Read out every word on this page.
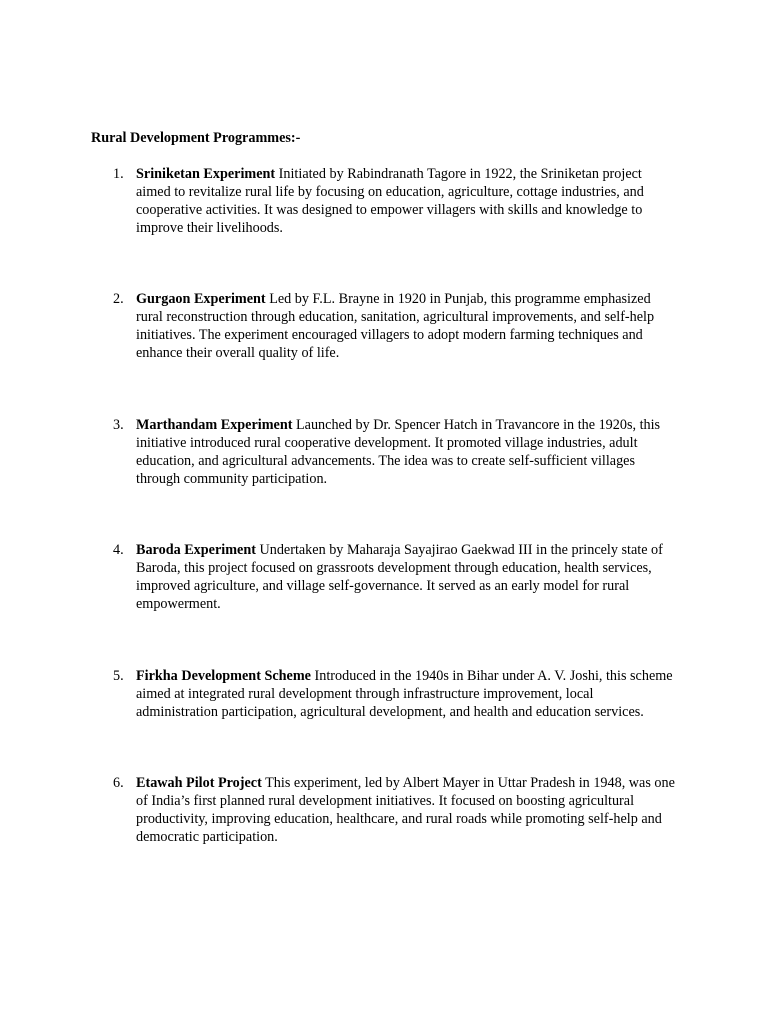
Rural Development Programmes:-
1. Sriniketan Experiment Initiated by Rabindranath Tagore in 1922, the Sriniketan project aimed to revitalize rural life by focusing on education, agriculture, cottage industries, and cooperative activities. It was designed to empower villagers with skills and knowledge to improve their livelihoods.
2. Gurgaon Experiment Led by F.L. Brayne in 1920 in Punjab, this programme emphasized rural reconstruction through education, sanitation, agricultural improvements, and self-help initiatives. The experiment encouraged villagers to adopt modern farming techniques and enhance their overall quality of life.
3. Marthandam Experiment Launched by Dr. Spencer Hatch in Travancore in the 1920s, this initiative introduced rural cooperative development. It promoted village industries, adult education, and agricultural advancements. The idea was to create self-sufficient villages through community participation.
4. Baroda Experiment Undertaken by Maharaja Sayajirao Gaekwad III in the princely state of Baroda, this project focused on grassroots development through education, health services, improved agriculture, and village self-governance. It served as an early model for rural empowerment.
5. Firkha Development Scheme Introduced in the 1940s in Bihar under A. V. Joshi, this scheme aimed at integrated rural development through infrastructure improvement, local administration participation, agricultural development, and health and education services.
6. Etawah Pilot Project This experiment, led by Albert Mayer in Uttar Pradesh in 1948, was one of India’s first planned rural development initiatives. It focused on boosting agricultural productivity, improving education, healthcare, and rural roads while promoting self-help and democratic participation.
